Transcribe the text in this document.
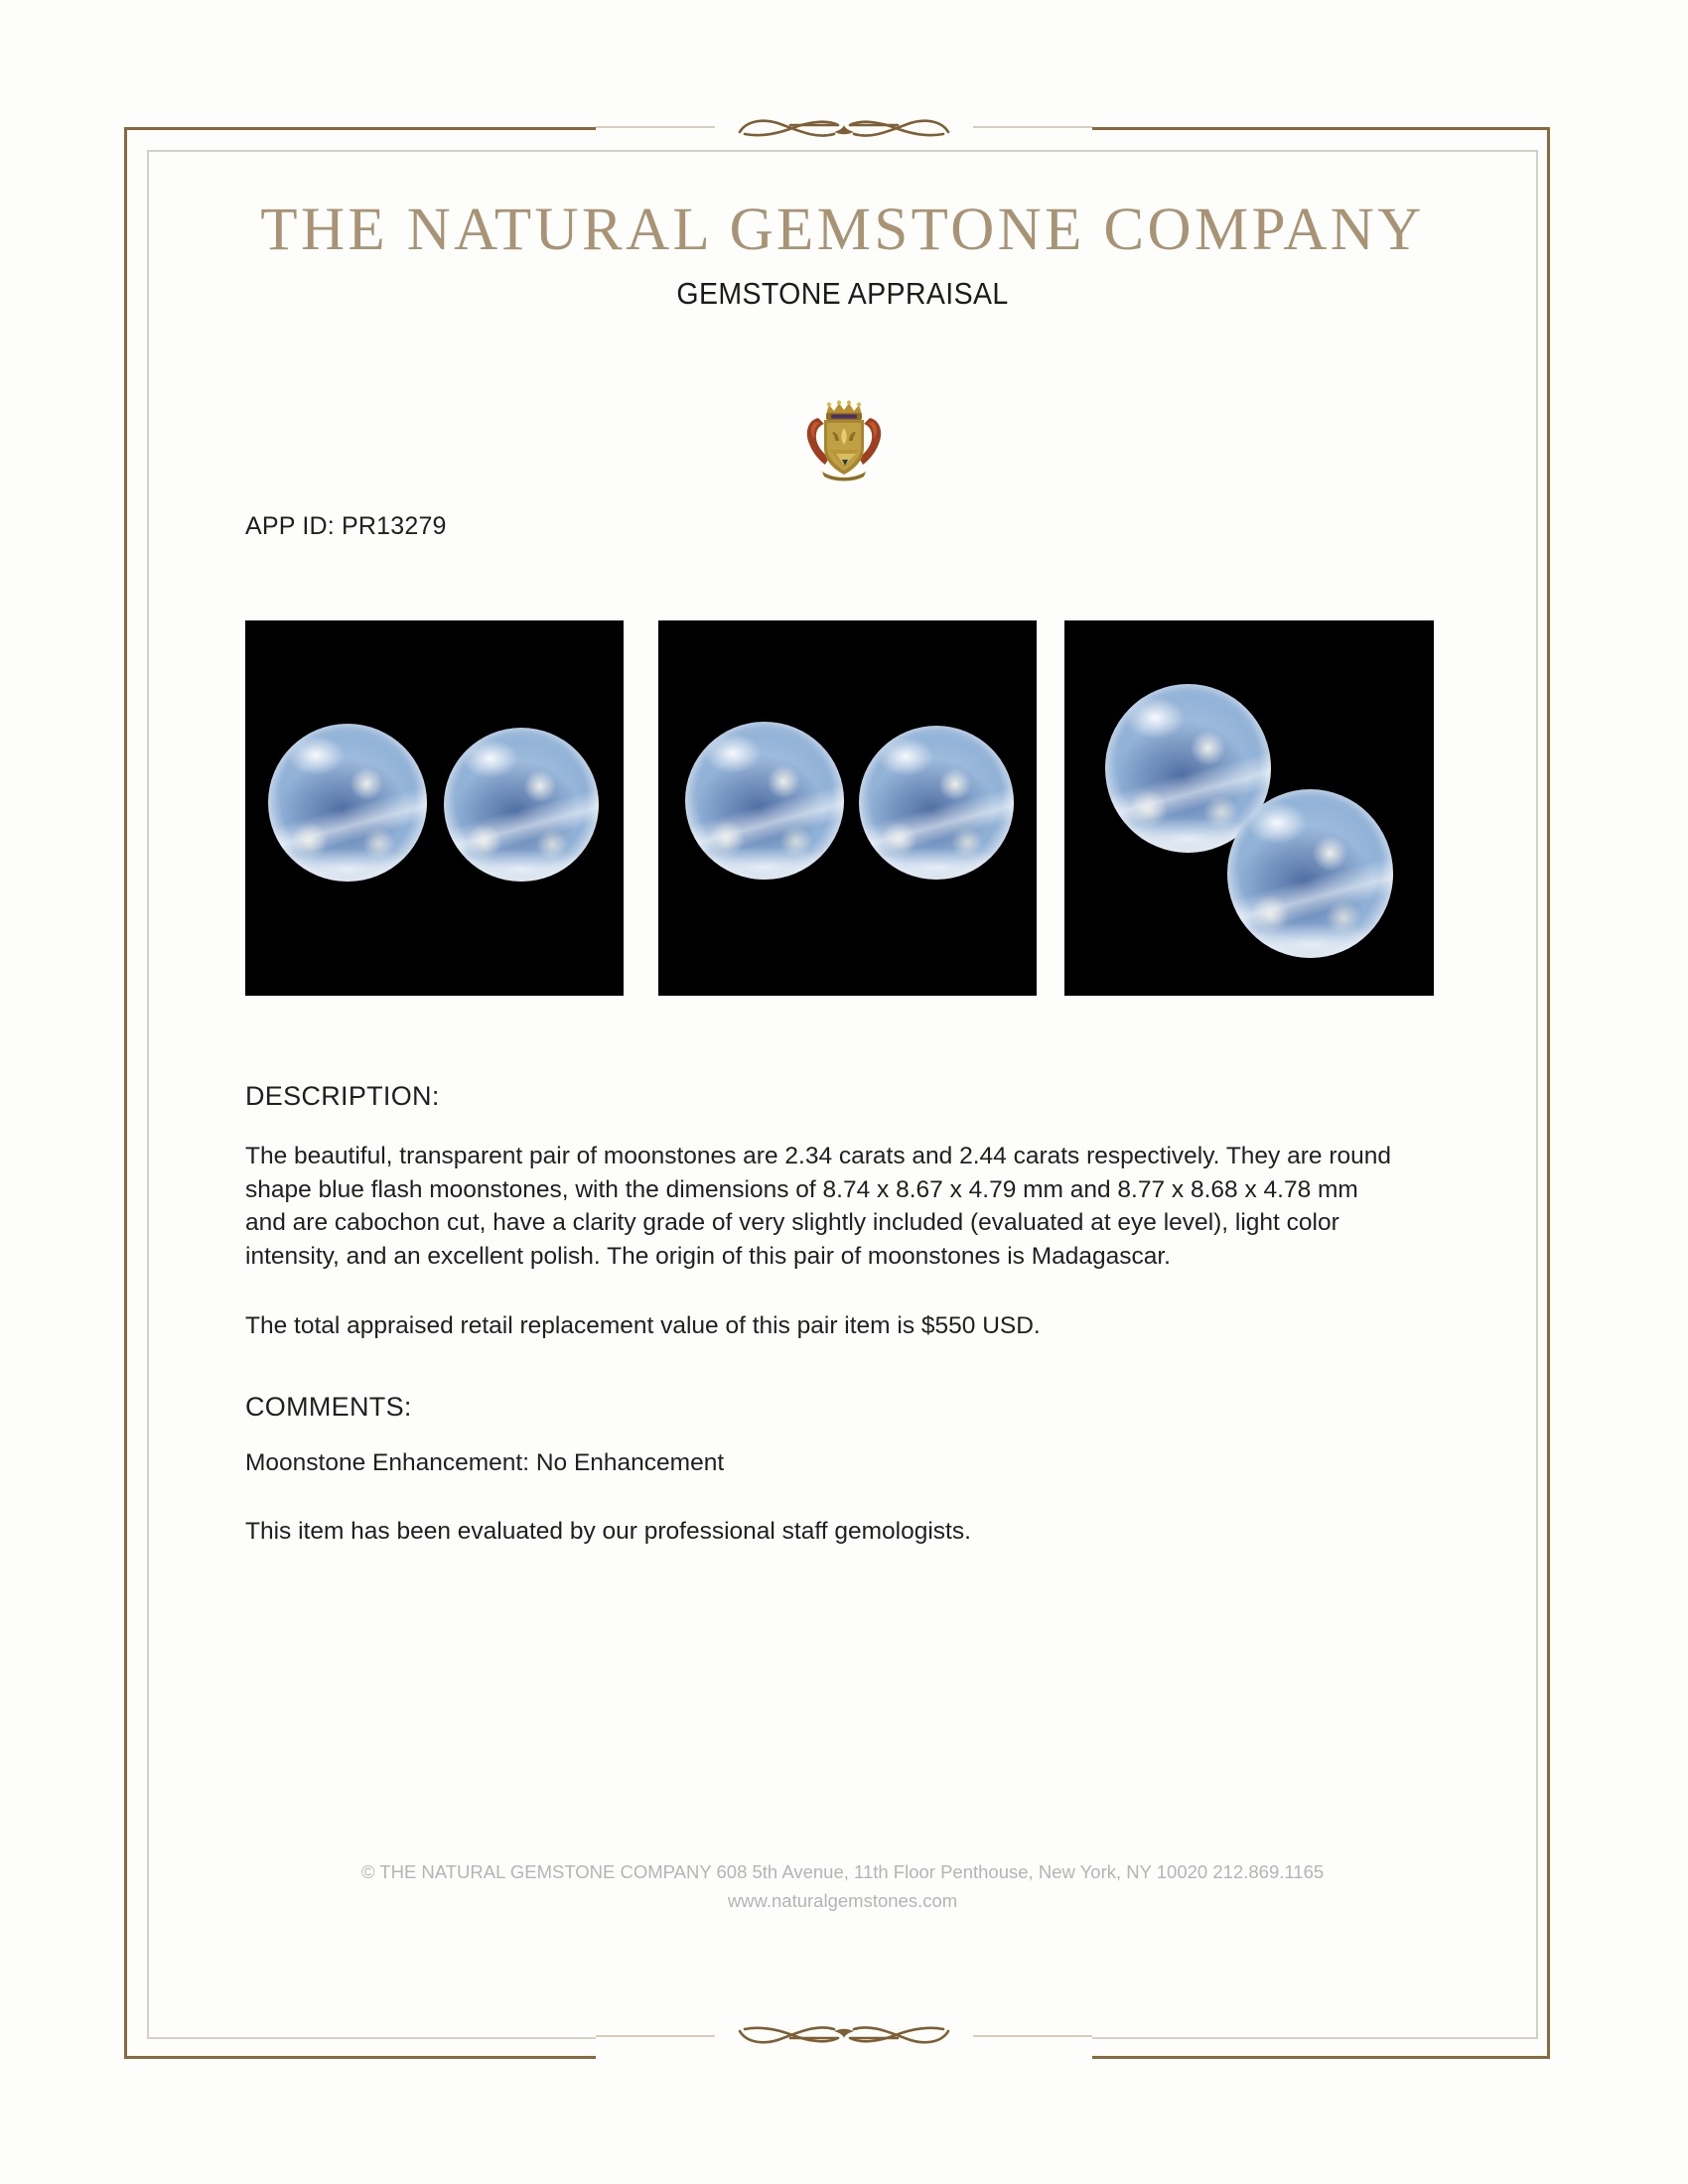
THE NATURAL GEMSTONE COMPANY
GEMSTONE APPRAISAL
APP ID: PR13279
DESCRIPTION:
The beautiful, transparent pair of moonstones are 2.34 carats and 2.44 carats respectively. They are round shape blue flash moonstones, with the dimensions of 8.74 x 8.67 x 4.79 mm and 8.77 x 8.68 x 4.78 mm and are cabochon cut, have a clarity grade of very slightly included (evaluated at eye level), light color intensity, and an excellent polish. The origin of this pair of moonstones is Madagascar.
The total appraised retail replacement value of this pair item is $550 USD.
COMMENTS:
Moonstone Enhancement: No Enhancement
This item has been evaluated by our professional staff gemologists.
© THE NATURAL GEMSTONE COMPANY 608 5th Avenue, 11th Floor Penthouse, New York, NY 10020 212.869.1165
www.naturalgemstones.com
